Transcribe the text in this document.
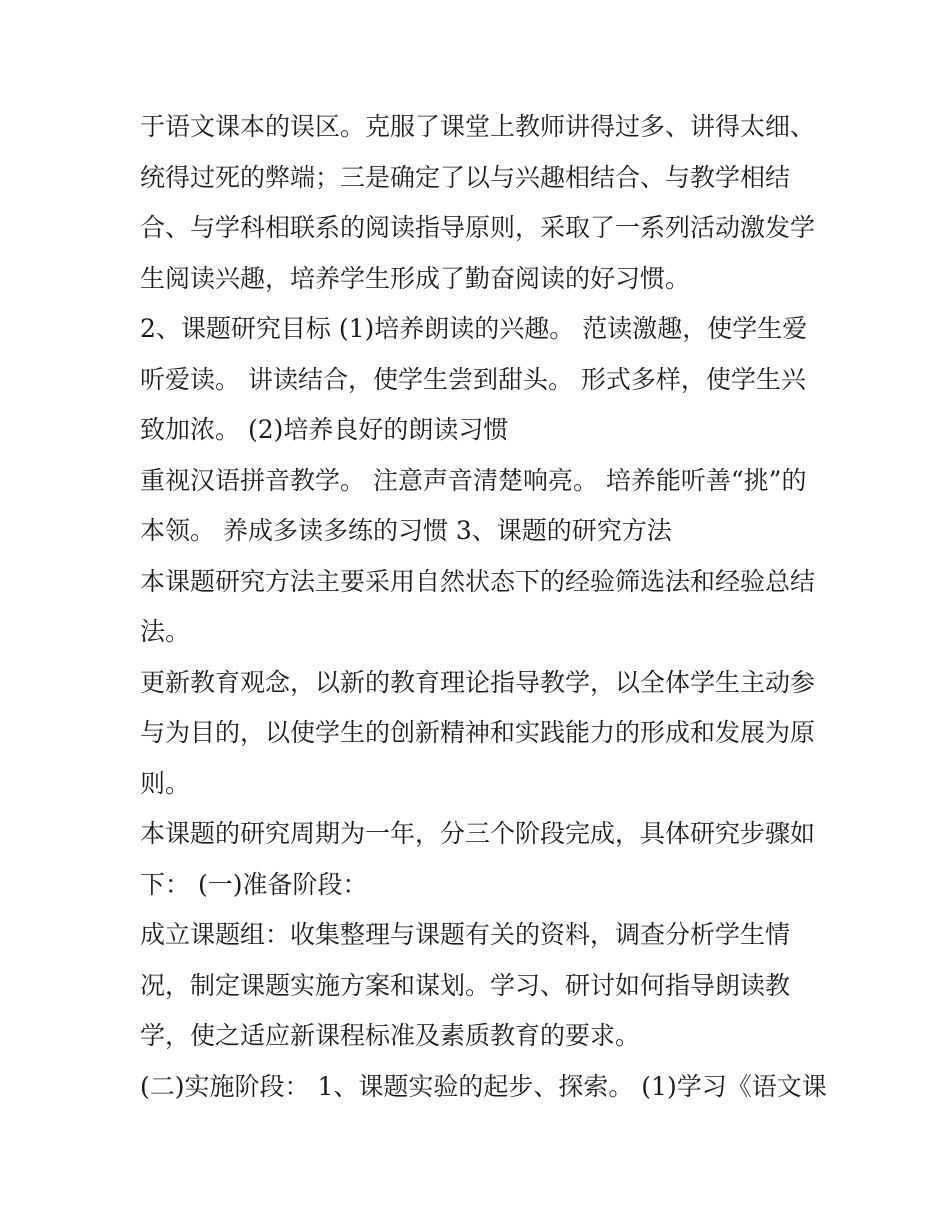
于语文课本的误区。克服了课堂上教师讲得过多、讲得太细、
统得过死的弊端；三是确定了以与兴趣相结合、与教学相结
合、与学科相联系的阅读指导原则，采取了一系列活动激发学
生阅读兴趣，培养学生形成了勤奋阅读的好习惯。

2、课题研究目标 (1)培养朗读的兴趣。 范读激趣，使学生爱
听爱读。 讲读结合，使学生尝到甜头。 形式多样，使学生兴
致加浓。 (2)培养良好的朗读习惯

重视汉语拼音教学。 注意声音清楚响亮。 培养能听善“挑”的
本领。 养成多读多练的习惯 3、课题的研究方法

本课题研究方法主要采用自然状态下的经验筛选法和经验总结
法。

更新教育观念，以新的教育理论指导教学，以全体学生主动参
与为目的，以使学生的创新精神和实践能力的形成和发展为原
则。

本课题的研究周期为一年，分三个阶段完成，具体研究步骤如
下： (一)准备阶段：

成立课题组：收集整理与课题有关的资料，调查分析学生情
况，制定课题实施方案和谋划。学习、研讨如何指导朗读教
学，使之适应新课程标准及素质教育的要求。

(二)实施阶段： 1、课题实验的起步、探索。 (1)学习《语文课
